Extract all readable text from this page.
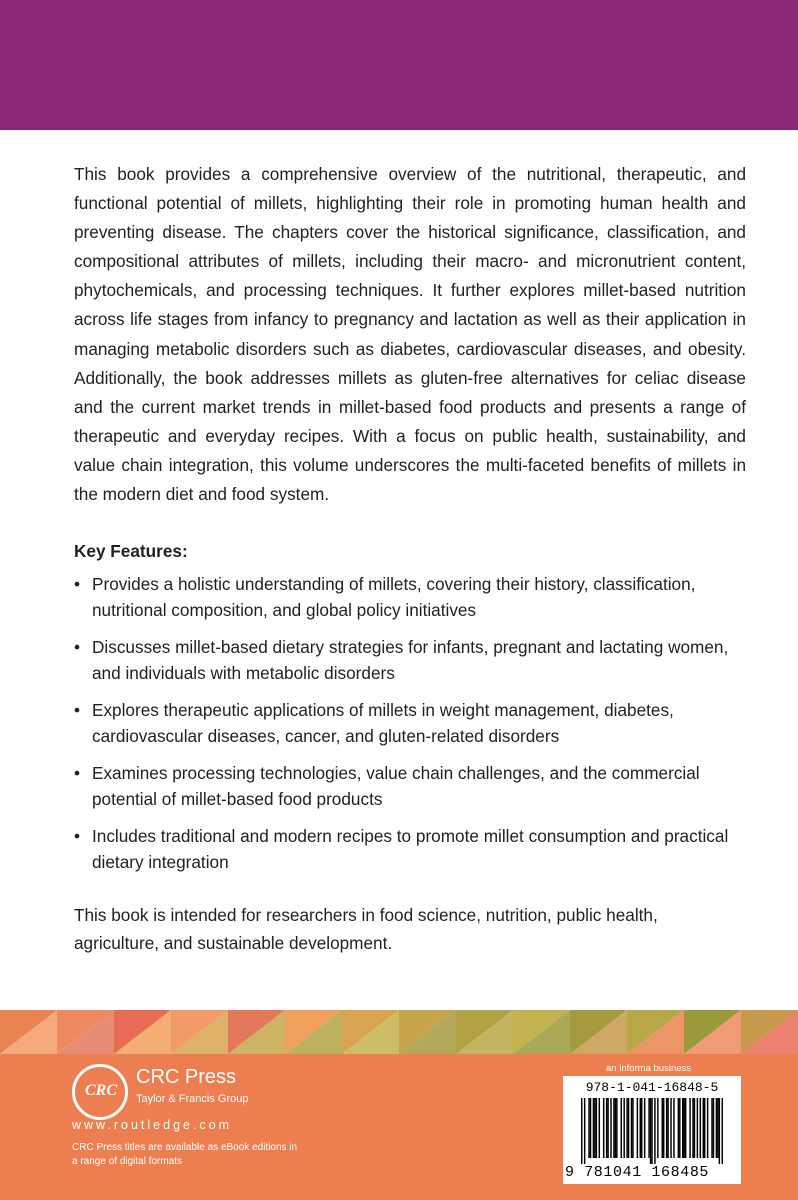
This book provides a comprehensive overview of the nutritional, therapeutic, and functional potential of millets, highlighting their role in promoting human health and preventing disease. The chapters cover the historical significance, classification, and compositional attributes of millets, including their macro- and micronutrient content, phytochemicals, and processing techniques. It further explores millet-based nutrition across life stages from infancy to pregnancy and lactation as well as their application in managing metabolic disorders such as diabetes, cardiovascular diseases, and obesity. Additionally, the book addresses millets as gluten-free alternatives for celiac disease and the current market trends in millet-based food products and presents a range of therapeutic and everyday recipes. With a focus on public health, sustainability, and value chain integration, this volume underscores the multi-faceted benefits of millets in the modern diet and food system.

Key Features:
• Provides a holistic understanding of millets, covering their history, classification, nutritional composition, and global policy initiatives
• Discusses millet-based dietary strategies for infants, pregnant and lactating women, and individuals with metabolic disorders
• Explores therapeutic applications of millets in weight management, diabetes, cardiovascular diseases, cancer, and gluten-related disorders
• Examines processing technologies, value chain challenges, and the commercial potential of millet-based food products
• Includes traditional and modern recipes to promote millet consumption and practical dietary integration

This book is intended for researchers in food science, nutrition, public health, agriculture, and sustainable development.

CRC
CRC Press
Taylor & Francis Group
www.routledge.com
CRC Press titles are available as eBook editions in a range of digital formats
an informa business
978-1-041-16848-5
9 781041 168485
